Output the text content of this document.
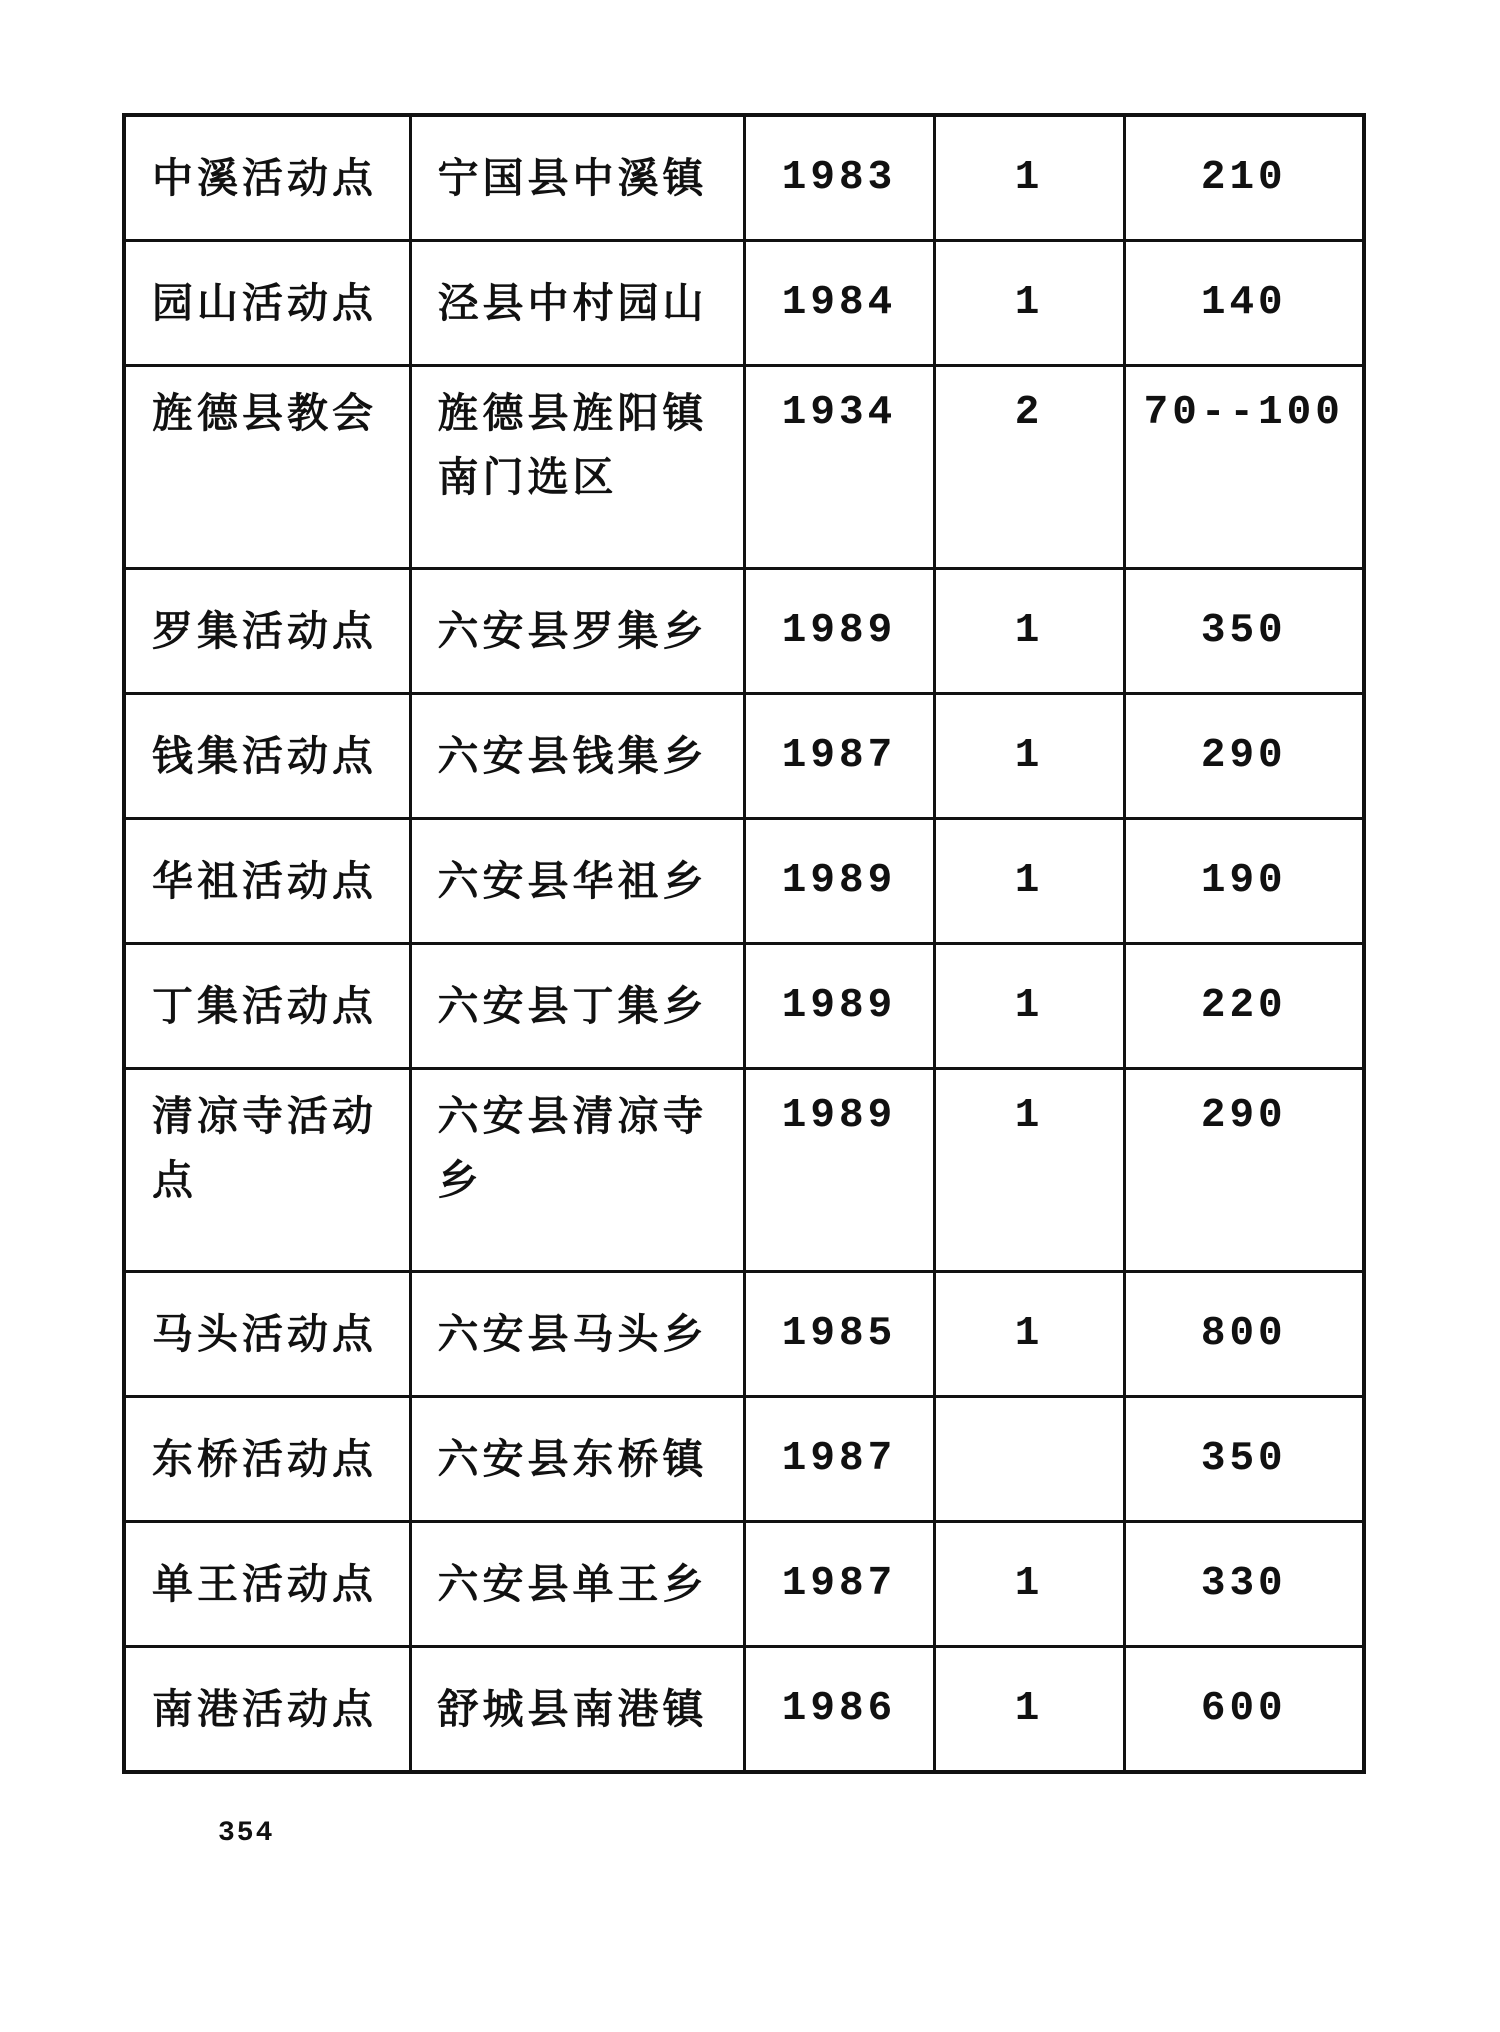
中溪活动点	宁国县中溪镇	1983	1	210
园山活动点	泾县中村园山	1984	1	140
旌德县教会	旌德县旌阳镇南门选区	1934	2	70--100
罗集活动点	六安县罗集乡	1989	1	350
钱集活动点	六安县钱集乡	1987	1	290
华祖活动点	六安县华祖乡	1989	1	190
丁集活动点	六安县丁集乡	1989	1	220
清凉寺活动点	六安县清凉寺乡	1989	1	290
马头活动点	六安县马头乡	1985	1	800
东桥活动点	六安县东桥镇	1987		350
单王活动点	六安县单王乡	1987	1	330
南港活动点	舒城县南港镇	1986	1	600
354
